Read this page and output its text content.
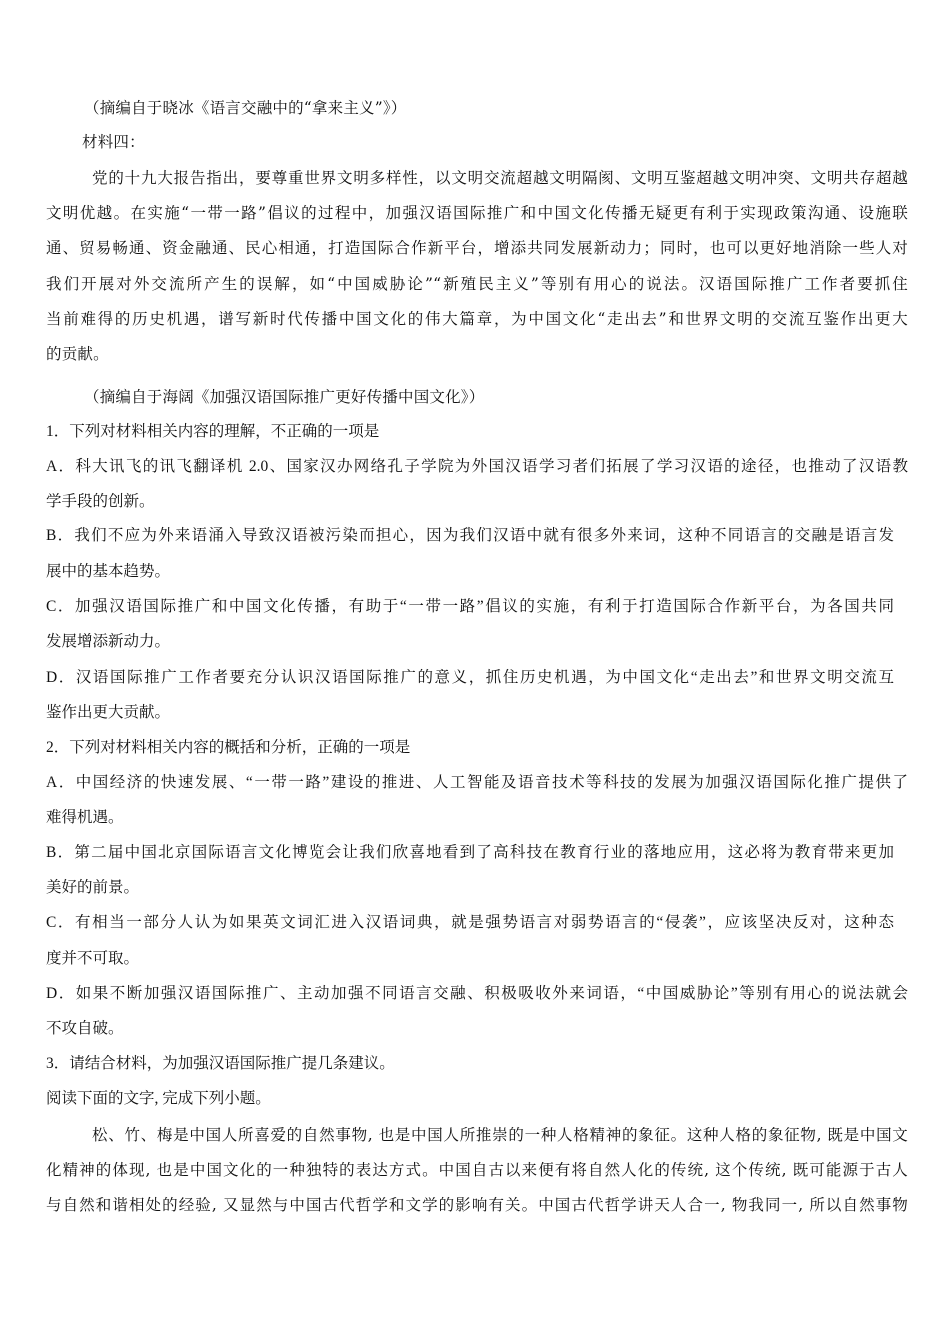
（摘编自于晓冰《语言交融中的“拿来主义”》）
材料四：
党的十九大报告指出，要尊重世界文明多样性，以文明交流超越文明隔阂、文明互鉴超越文明冲突、文明共存超越
文明优越。在实施“一带一路”倡议的过程中，加强汉语国际推广和中国文化传播无疑更有利于实现政策沟通、设施联
通、贸易畅通、资金融通、民心相通，打造国际合作新平台，增添共同发展新动力；同时，也可以更好地消除一些人对
我们开展对外交流所产生的误解，如“中国威胁论”“新殖民主义”等别有用心的说法。汉语国际推广工作者要抓住
当前难得的历史机遇，谱写新时代传播中国文化的伟大篇章，为中国文化“走出去”和世界文明的交流互鉴作出更大
的贡献。
（摘编自于海阔《加强汉语国际推广更好传播中国文化》）
1．下列对材料相关内容的理解，不正确的一项是
A．科大讯飞的讯飞翻译机 2.0、国家汉办网络孔子学院为外国汉语学习者们拓展了学习汉语的途径，也推动了汉语教
学手段的创新。
B．我们不应为外来语涌入导致汉语被污染而担心，因为我们汉语中就有很多外来词，这种不同语言的交融是语言发
展中的基本趋势。
C．加强汉语国际推广和中国文化传播，有助于“一带一路”倡议的实施，有利于打造国际合作新平台，为各国共同
发展增添新动力。
D．汉语国际推广工作者要充分认识汉语国际推广的意义，抓住历史机遇，为中国文化“走出去”和世界文明交流互
鉴作出更大贡献。
2．下列对材料相关内容的概括和分析，正确的一项是
A．中国经济的快速发展、“一带一路”建设的推进、人工智能及语音技术等科技的发展为加强汉语国际化推广提供了
难得机遇。
B．第二届中国北京国际语言文化博览会让我们欣喜地看到了高科技在教育行业的落地应用，这必将为教育带来更加
美好的前景。
C．有相当一部分人认为如果英文词汇进入汉语词典，就是强势语言对弱势语言的“侵袭”，应该坚决反对，这种态
度并不可取。
D．如果不断加强汉语国际推广、主动加强不同语言交融、积极吸收外来词语，“中国威胁论”等别有用心的说法就会
不攻自破。
3．请结合材料，为加强汉语国际推广提几条建议。
阅读下面的文字, 完成下列小题。
松、竹、梅是中国人所喜爱的自然事物, 也是中国人所推崇的一种人格精神的象征。这种人格的象征物, 既是中国文
化精神的体现, 也是中国文化的一种独特的表达方式。中国自古以来便有将自然人化的传统, 这个传统, 既可能源于古人
与自然和谐相处的经验, 又显然与中国古代哲学和文学的影响有关。中国古代哲学讲天人合一, 物我同一, 所以自然事物
